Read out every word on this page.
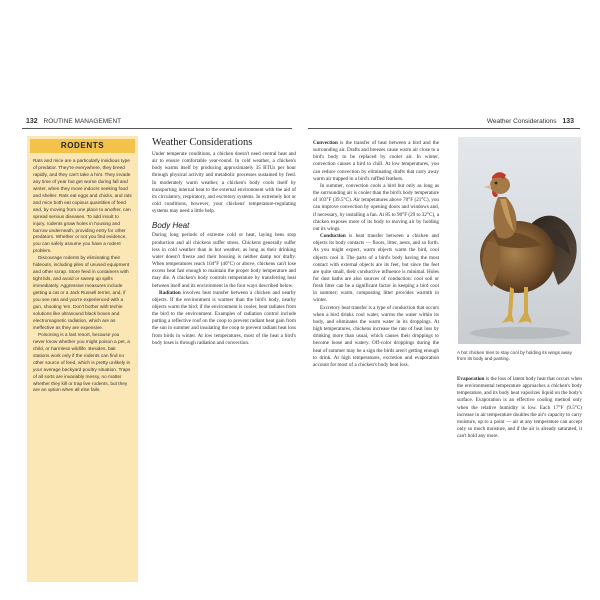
132 ROUTINE MANAGEMENT	Weather Considerations 133
RODENTS

Rats and mice are a particularly insidious type of predator. They're everywhere, they breed rapidly, and they can't take a hint. They invade any time of year but get worse during fall and winter, when they move indoors seeking food and shelter. Rats eat eggs and chicks, and rats and mice both eat copious quantities of feed and, by moving from one place to another, can spread serious diseases. To add insult to injury, rodents gnaw holes in housing and burrow underneath, providing entry for other predators. Whether or not you find evidence, you can safely assume you have a rodent problem.

Discourage rodents by eliminating their hideouts, including piles of unused equipment and other scrap. Store feed in containers with tight lids, and avoid or sweep up spills immediately. Aggressive measures include getting a cat or a Jack Russell terrier, and, if you see rats and you're experienced with a gun, shooting 'em. Don't bother with techie solutions like ultrasound black boxes and electromagnetic radiation, which are as ineffective as they are expensive.

Poisoning is a last resort, because you never know whether you might poison a pet, a child, or harmless wildlife. Besides, bait stations work only if the rodents can find no other source of feed, which is pretty unlikely in your average backyard poultry situation. Traps of all sorts are invariably messy, no matter whether they kill or trap live rodents, but they are an option when all else fails.

Weather Considerations

Under temperate conditions, a chicken doesn't need central heat and air to ensure comfortable year-round. In cold weather, a chicken's body warms itself by producing approximately 35 BTUs per hour through physical activity and metabolic processes sustained by feed. In moderately warm weather, a chicken's body cools itself by transporting internal heat to the external environment with the aid of its circulatory, respiratory, and excretory systems. In extremely hot or cold conditions, however, your chickens' temperature-regulating systems may need a little help.

Body Heat

During long periods of extreme cold or heat, laying hens stop production and all chickens suffer stress. Chickens generally suffer less in cold weather than in hot weather, as long as their drinking water doesn't freeze and their housing is neither damp nor drafty. When temperatures reach 104°F (40°C) or above, chickens can't lose excess heat fast enough to maintain the proper body temperature and may die. A chicken's body controls temperature by transferring heat between itself and its environment in the four ways described below.

Radiation involves heat transfer between a chicken and nearby objects. If the environment is warmer than the bird's body, nearby objects warm the bird; if the environment is cooler, heat radiates from the bird to the environment. Examples of radiation control include putting a reflective roof on the coop to prevent radiant heat gain from the sun in summer and insulating the coop to prevent radiant heat loss from birds in winter. At low temperatures, most of the heat a bird's body loses is through radiation and convection.

Convection is the transfer of heat between a bird and the surrounding air. Drafts and breezes cause warm air close to a bird's body to be replaced by cooler air. In winter, convection causes a bird to chill. At low temperatures, you can reduce convection by eliminating drafts that carry away warm air trapped in a bird's ruffled feathers.

In summer, convection cools a bird but only as long as the surrounding air is cooler than the bird's body temperature of 103°F (39.5°C). Air temperatures above 70°F (21°C), you can improve convection by opening doors and windows and, if necessary, by installing a fan. At 85 to 90°F (29 to 32°C), a chicken exposes more of its body to moving air by holding out its wings.

Conduction is heat transfer between a chicken and objects its body contacts — floors, litter, nests, and so forth. As you might expect, warm objects warm the bird, cool objects cool it. The parts of a bird's body having the most contact with external objects are its feet, but since the feet are quite small, their conductive influence is minimal. Holes for dust baths are also sources of conduction: cool soil or fresh litter can be a significant factor in keeping a bird cool in summer; warm, composting litter provides warmth in winter.

Excretory heat transfer is a type of conduction that occurs when a bird drinks cool water, warms the water within its body, and eliminates the warm water in its droppings. At high temperatures, chickens increase the rate of heat loss by drinking more than usual, which causes their droppings to become loose and watery. Off-color droppings during the heat of summer may be a sign the birds aren't getting enough to drink. At high temperatures, excretion and evaporation account for most of a chicken's body heat loss.

A hot chicken tries to stay cool by holding its wings away from its body and panting.

Evaporation is the loss of latent body heat that occurs when the environmental temperature approaches a chicken's body temperature, and its body heat vaporizes liquid on the body's surface. Evaporation is an effective cooling method only when the relative humidity is low. Each 17°F (9.5°C) increase in air temperature doubles the air's capacity to carry moisture, up to a point — air at any temperature can accept only so much moisture, and if the air is already saturated, it can't hold any more.
